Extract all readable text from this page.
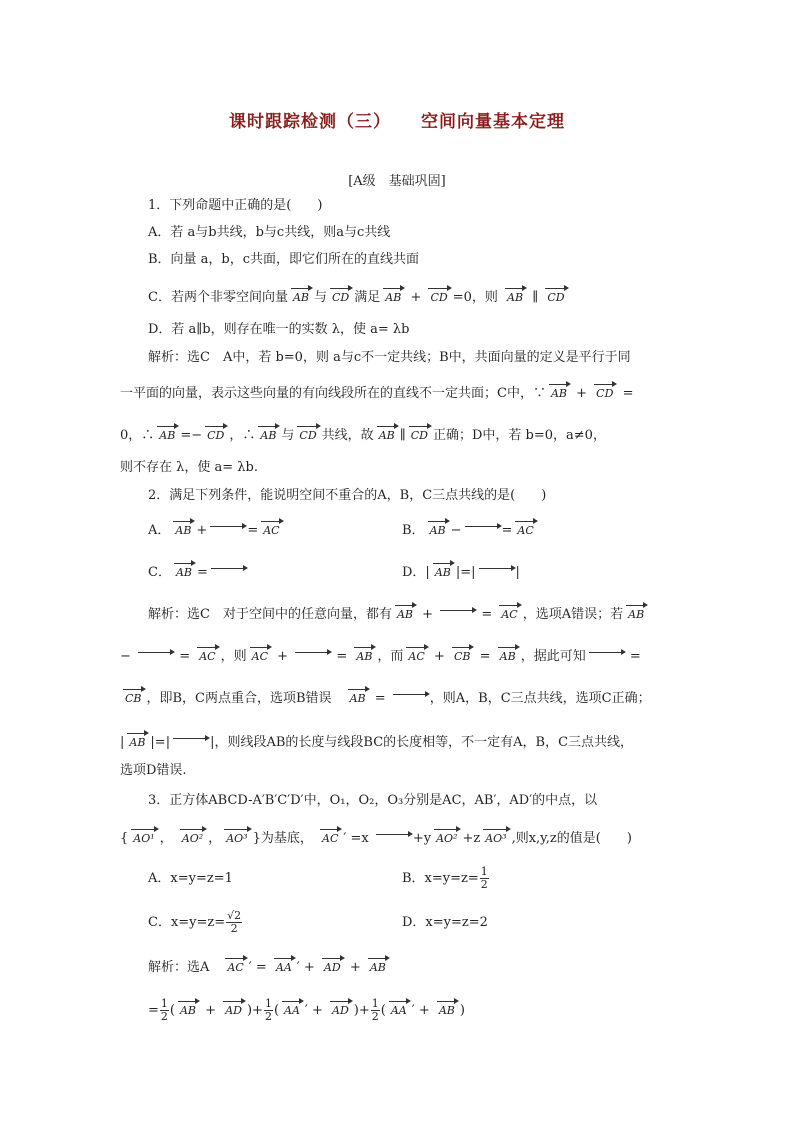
课时跟踪检测（三） 空间向量基本定理
[A级　基础巩固]
1．下列命题中正确的是(　　)
A．若 a与b共线，b与c共线，则a与c共线
B．向量 a，b，c共面，即它们所在的直线共面
C．若两个非零空间向量 AB 与 CD 满足 AB + CD =0，则 AB ∥ CD
D．若 a∥b，则存在唯一的实数 λ，使 a= λb
解析：选C　A中，若 b=0，则 a与c不一定共线；B中，共面向量的定义是平行于同
一平面的向量，表示这些向量的有向线段所在的直线不一定共面；C中，∵ AB + CD =
0，∴ AB =− CD ，∴ AB 与 CD 共线，故 AB ∥ CD 正确；D中，若 b=0，a≠0，
则不存在 λ，使 a= λb.
2．满足下列条件，能说明空间不重合的A，B，C三点共线的是(　　)
A． AB +	= AC	B． AB −	= AC
C． AB =	D．| AB |=|	|
解析：选C　对于空间中的任意向量，都有 AB +	= AC ，选项A错误；若 AB
−	= AC ，则 AC +	= AB ，而 AC + CB = AB ，据此可知	=
CB ，即B，C两点重合，选项B错误　AB =	，则A，B，C三点共线，选项C正确；
| AB |=|	|，则线段AB的长度与线段BC的长度相等，不一定有A，B，C三点共线，
选项D错误.
3．正方体ABCD-A′B′C′D′中，O₁，O₂，O₃分别是AC，AB′，AD′的中点，以
{ AO¹ ， AO² ， AO³ }为基底， AC ′ =x	+y AO² +z AO³ ,则x,y,z的值是(　　)
A．x=y=z=1	B．$x=y=z= \frac{1}{2}$
C．$x=y=z= \frac{√2}{2}$	D．x=y=z=2
解析：选A　AC ′ = AA ′ + AD + AB
= $\frac{1}{2}$ ( AB + AD )+ $\frac{1}{2}$ ( AA ′ + AD )+ $\frac{1}{2}$ ( AA ′ + AB )
